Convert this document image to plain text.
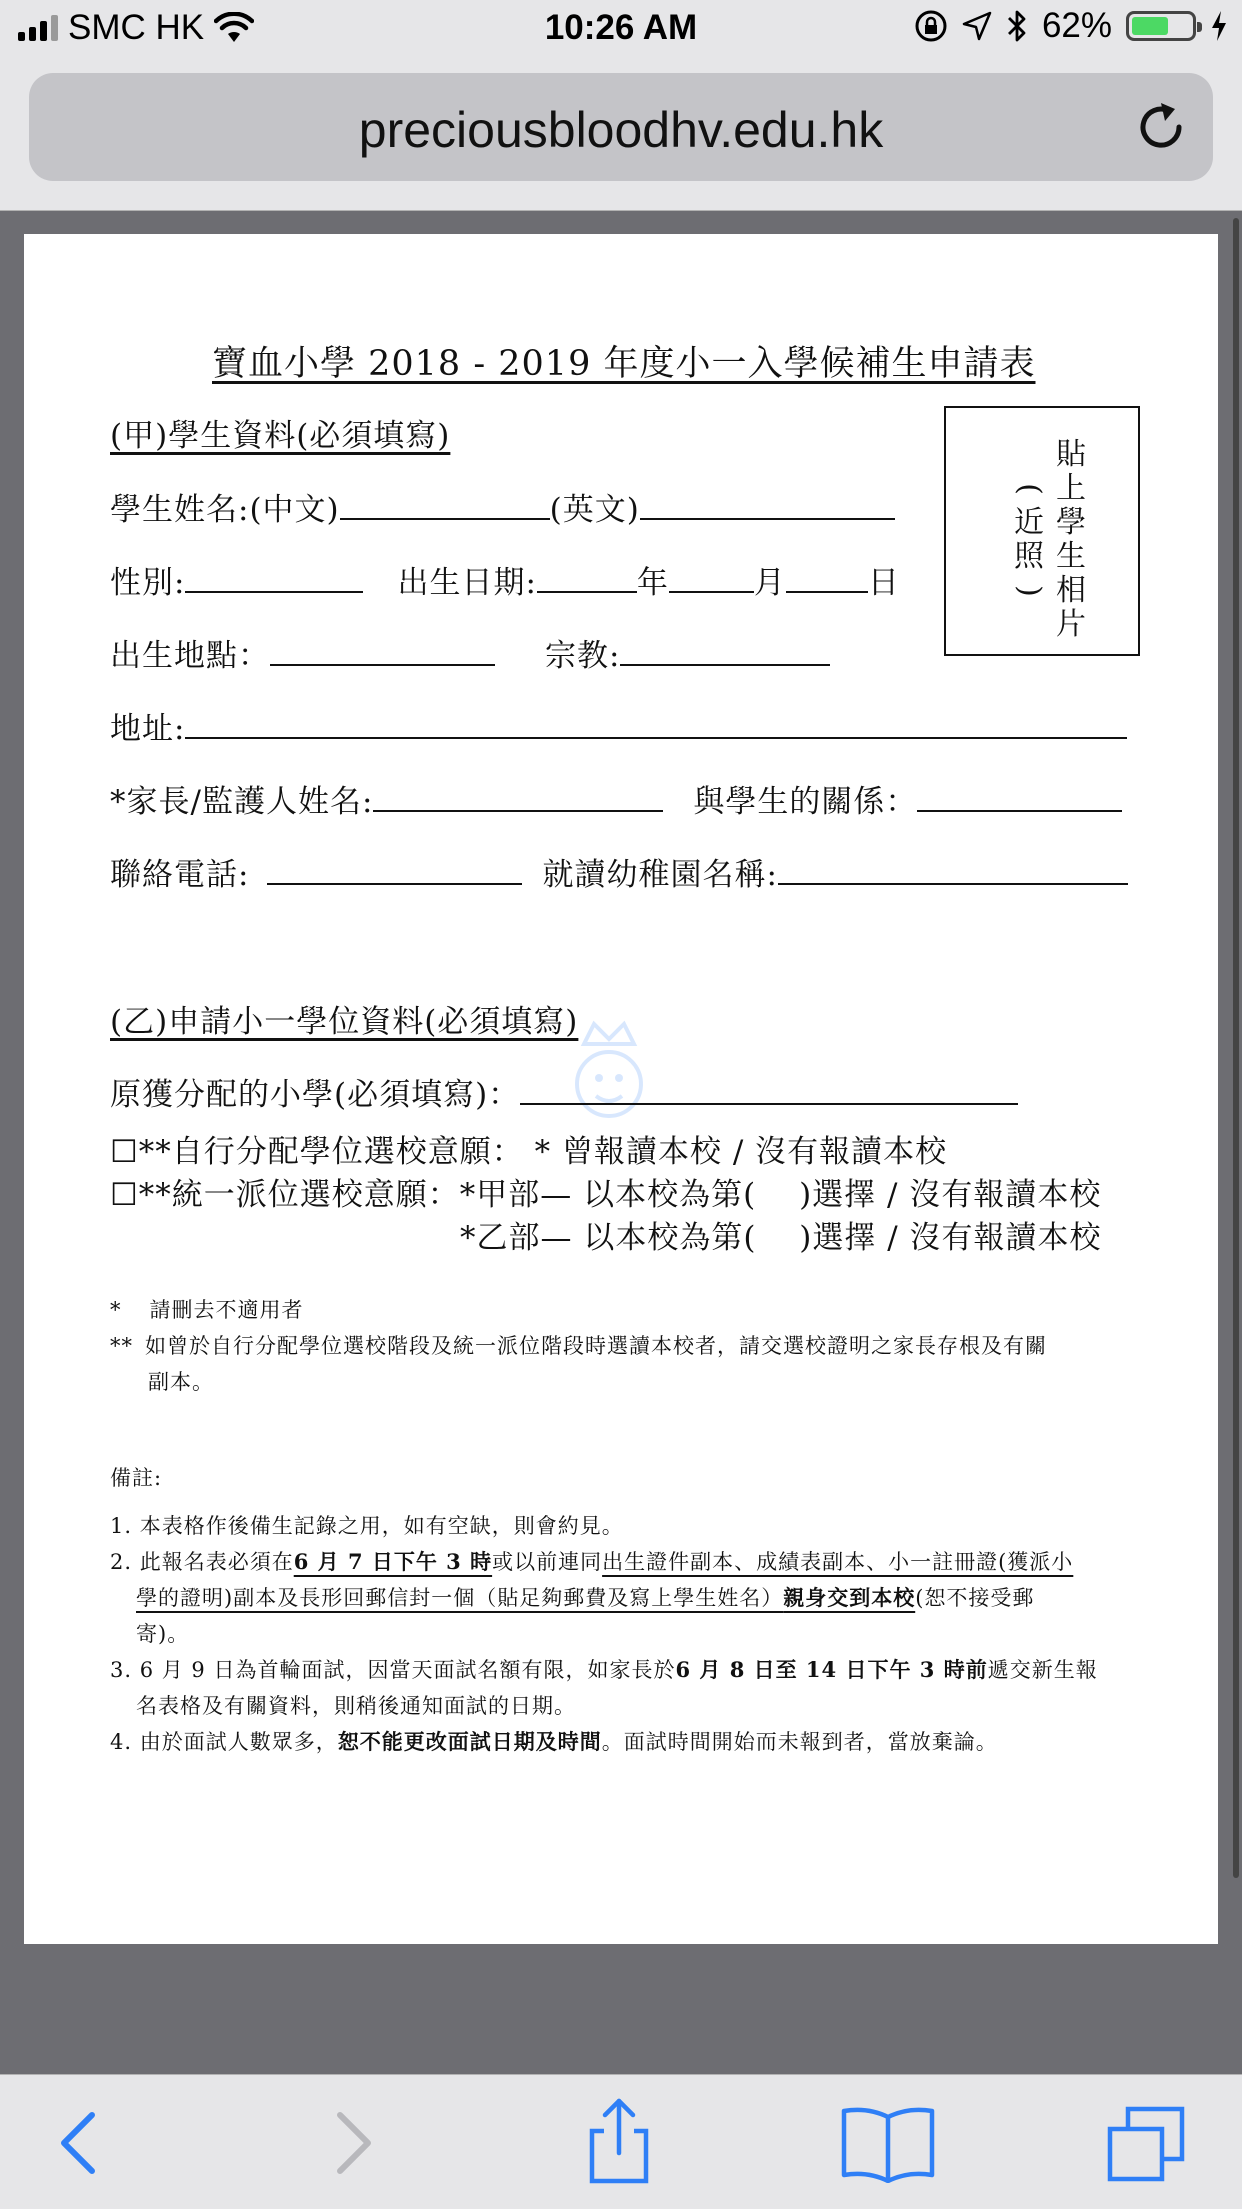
SMC HK	10:26 AM	62%
preciousbloodhv.edu.hk
寶血小學 2018 - 2019 年度小一入學候補生申請表
(甲)學生資料(必須填寫)
學生姓名:(中文)	(英文)
性別:	出生日期:	年	月	日
出生地點：	宗教:
地址:
*家長/監護人姓名:	與學生的關係：
聯絡電話:	就讀幼稚園名稱:
貼
上
學
生
相
片
(
近
照
)
(乙)申請小一學位資料(必須填寫)
原獲分配的小學(必須填寫)：
☐**自行分配學位選校意願： * 曾報讀本校 / 沒有報讀本校
☐**統一派位選校意願：*甲部— 以本校為第(　 )選擇 / 沒有報讀本校
*乙部— 以本校為第(　 )選擇 / 沒有報讀本校
* 請刪去不適用者
** 如曾於自行分配學位選校階段及統一派位階段時選讀本校者，請交選校證明之家長存根及有關
副本。
備註:
1. 本表格作後備生記錄之用，如有空缺，則會約見。
2. 此報名表必須在6 月 7 日下午 3 時或以前連同出生證件副本、成績表副本、小一註冊證(獲派小
學的證明)副本及長形回郵信封一個（貼足夠郵費及寫上學生姓名）親身交到本校(恕不接受郵
寄)。
3. 6 月 9 日為首輪面試，因當天面試名額有限，如家長於6 月 8 日至 14 日下午 3 時前遞交新生報
名表格及有關資料，則稍後通知面試的日期。
4. 由於面試人數眾多，恕不能更改面試日期及時間。面試時間開始而未報到者，當放棄論。
